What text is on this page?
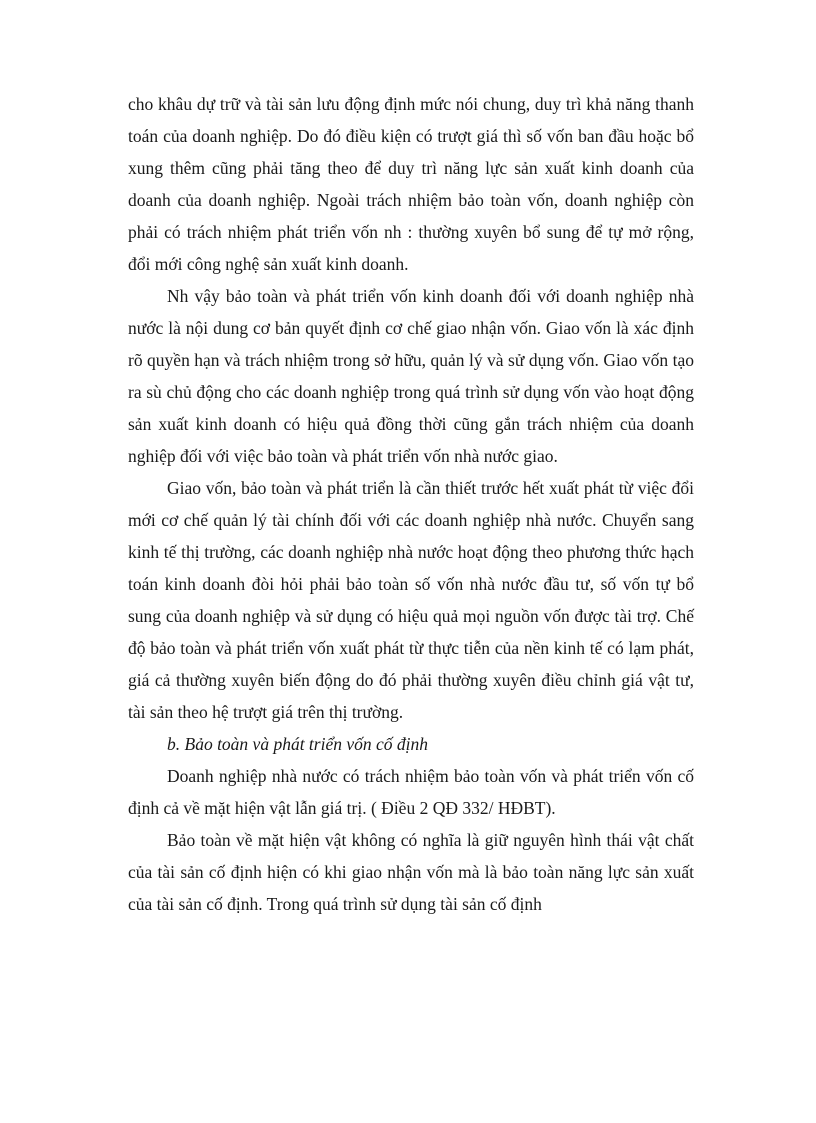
cho khâu dự trữ và tài sản lưu động định mức nói chung, duy trì khả năng thanh toán của doanh nghiệp. Do đó điều kiện có trượt giá thì số vốn ban đầu hoặc bổ xung thêm cũng phải tăng theo để duy trì năng lực sản xuất kinh doanh của doanh của doanh nghiệp. Ngoài trách nhiệm bảo toàn vốn, doanh nghiệp còn phải có trách nhiệm phát triển vốn nh : thường xuyên bổ sung để tự mở rộng, đổi mới công nghệ sản xuất kinh doanh.

Nh vậy bảo toàn và phát triển vốn kinh doanh đối với doanh nghiệp nhà nước là nội dung cơ bản quyết định cơ chế giao nhận vốn. Giao vốn là xác định rõ quyền hạn và trách nhiệm trong sở hữu, quản lý và sử dụng vốn. Giao vốn tạo ra sù chủ động cho các doanh nghiệp trong quá trình sử dụng vốn vào hoạt động sản xuất kinh doanh có hiệu quả đồng thời cũng gắn trách nhiệm của doanh nghiệp đối với việc bảo toàn và phát triển vốn nhà nước giao.

Giao vốn, bảo toàn và phát triển là cần thiết trước hết xuất phát từ việc đổi mới cơ chế quản lý tài chính đối với các doanh nghiệp nhà nước. Chuyển sang kinh tế thị trường, các doanh nghiệp nhà nước hoạt động theo phương thức hạch toán kinh doanh đòi hỏi phải bảo toàn số vốn nhà nước đầu tư, số vốn tự bổ sung của doanh nghiệp và sử dụng có hiệu quả mọi nguồn vốn được tài trợ. Chế độ bảo toàn và phát triển vốn xuất phát từ thực tiễn của nền kinh tế có lạm phát, giá cả thường xuyên biến động do đó phải thường xuyên điều chỉnh giá vật tư, tài sản theo hệ trượt giá trên thị trường.

b. Bảo toàn và phát triển vốn cố định

Doanh nghiệp nhà nước có trách nhiệm bảo toàn vốn và phát triển vốn cố định cả về mặt hiện vật lẫn giá trị. ( Điều 2 QĐ 332/ HĐBT).

Bảo toàn về mặt hiện vật không có nghĩa là giữ nguyên hình thái vật chất của tài sản cố định hiện có khi giao nhận vốn mà là bảo toàn năng lực sản xuất của tài sản cố định. Trong quá trình sử dụng tài sản cố định
